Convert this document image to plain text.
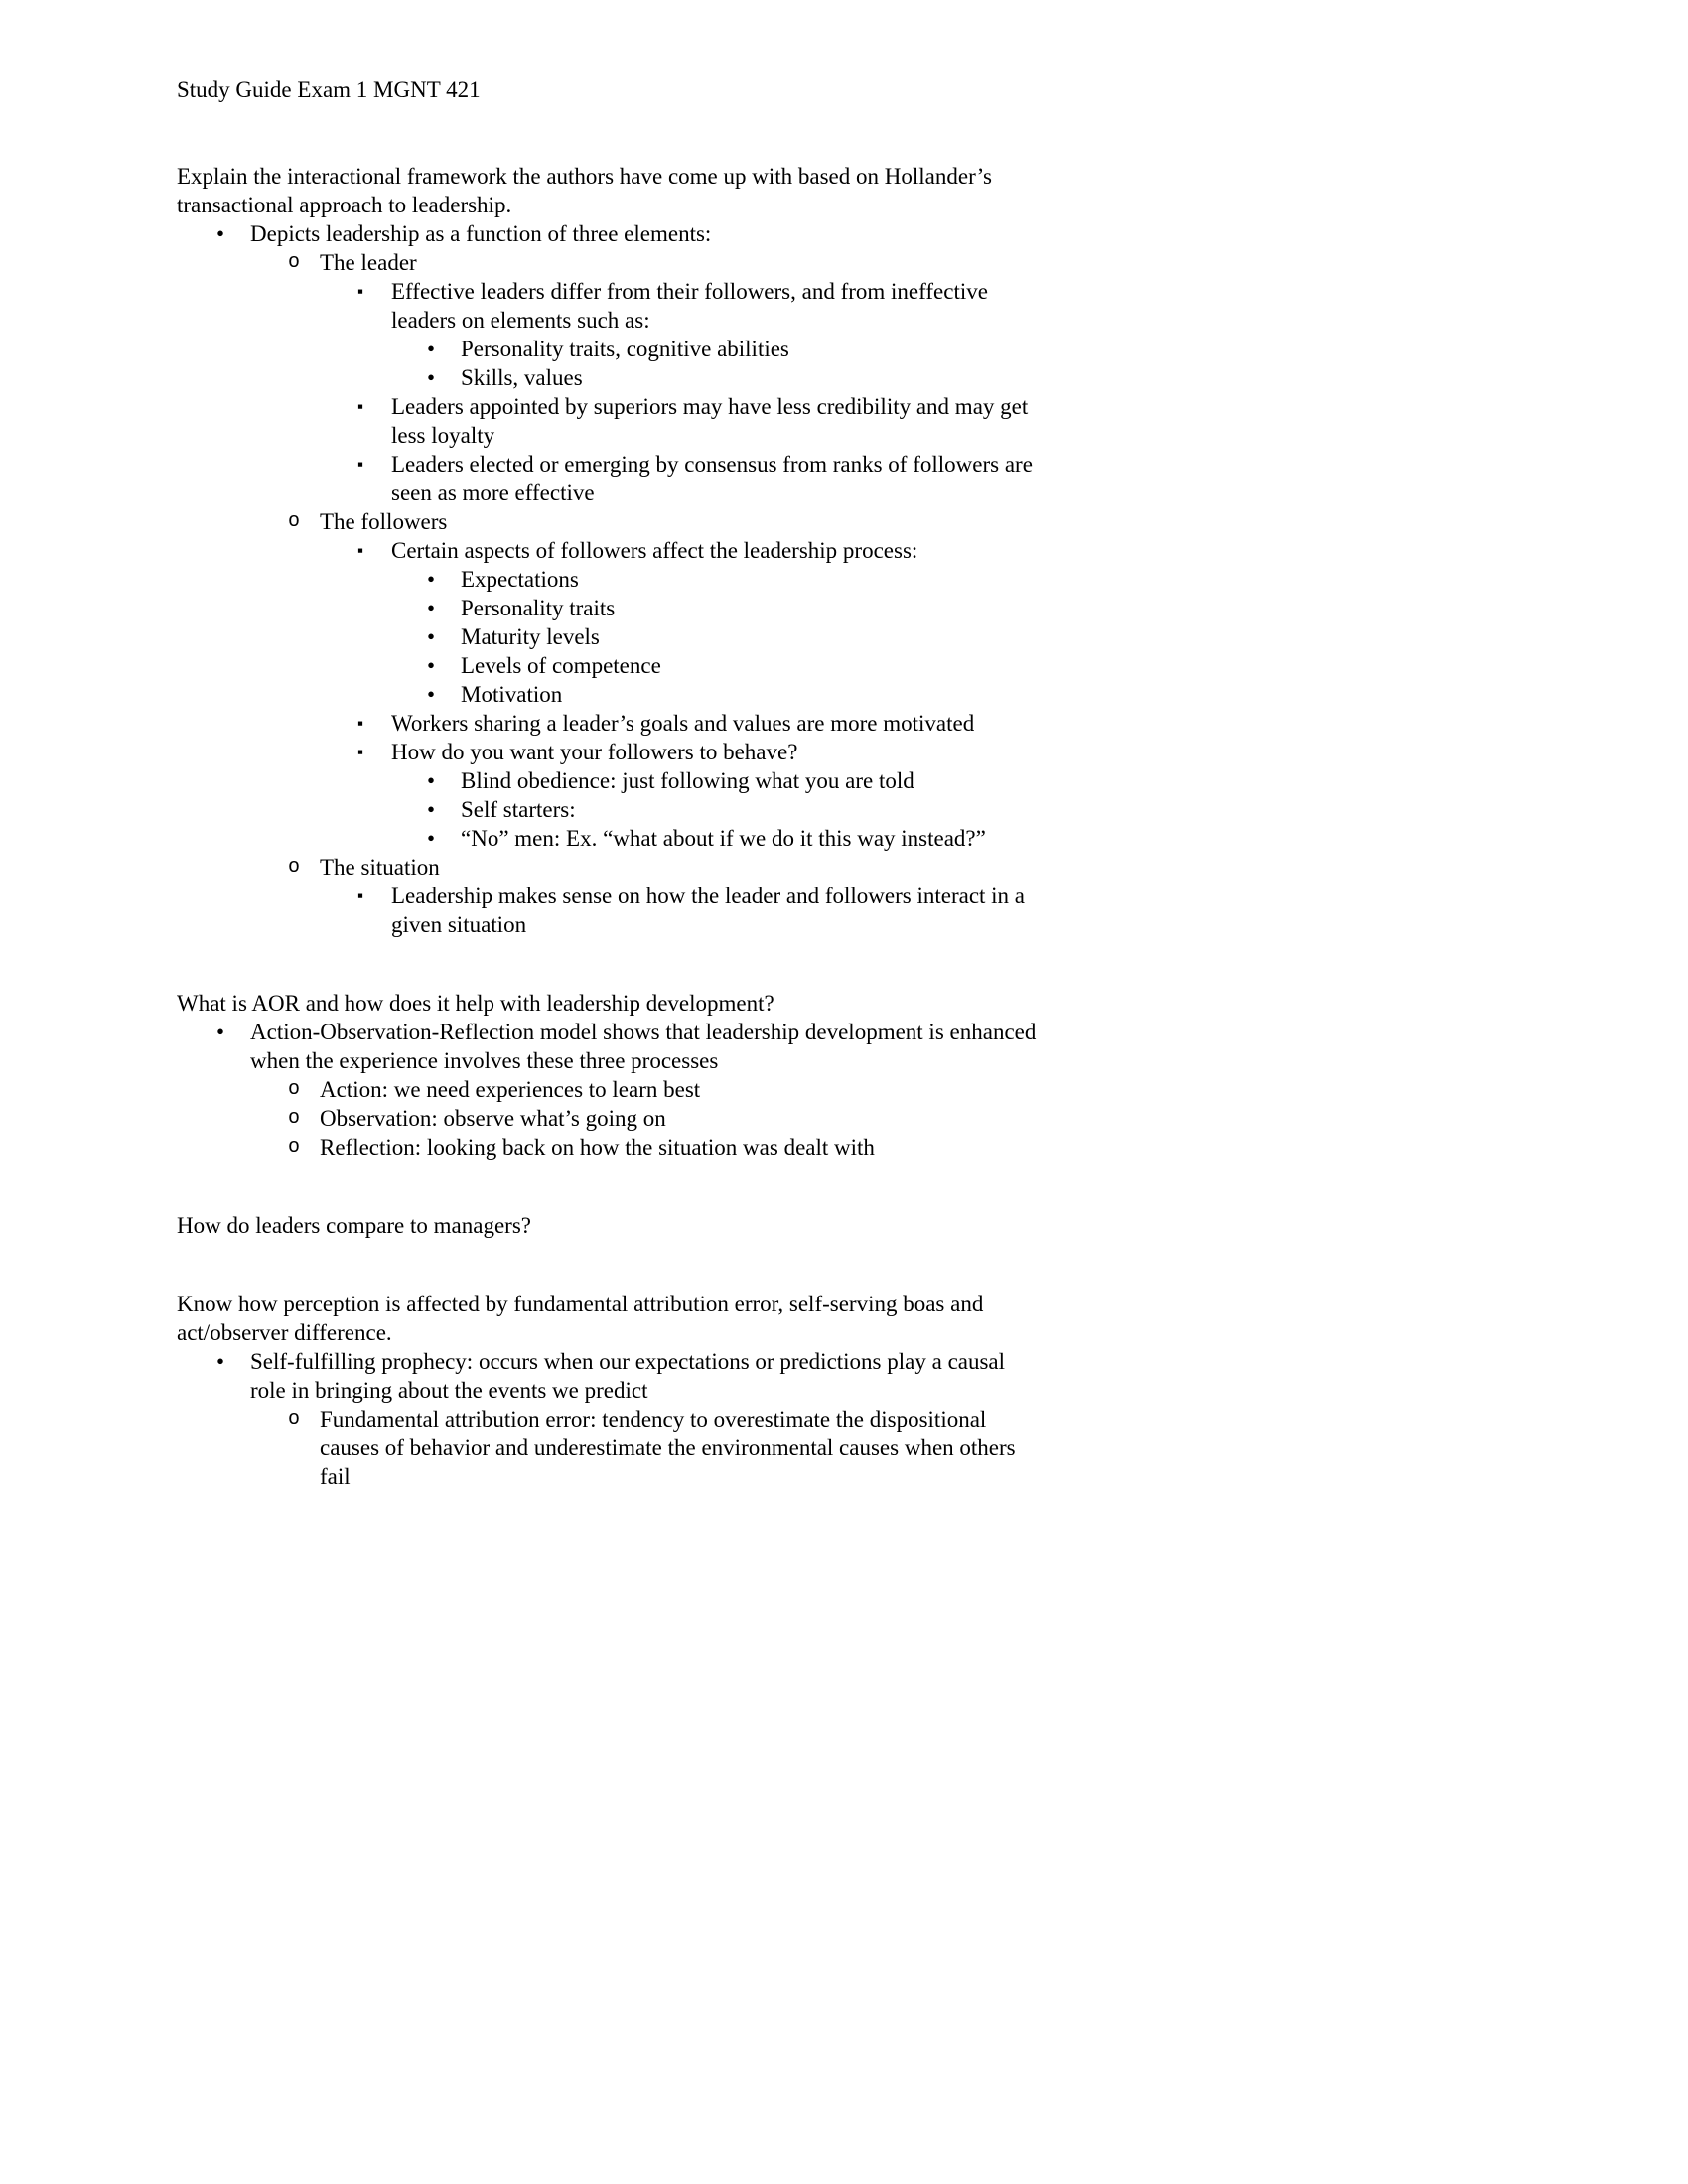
Study Guide Exam 1 MGNT 421
Explain the interactional framework the authors have come up with based on Hollander’s transactional approach to leadership.
•	Depicts leadership as a function of three elements:
o The leader
▪	Effective leaders differ from their followers, and from ineffective leaders on elements such as:
•	Personality traits, cognitive abilities
•	Skills, values
▪	Leaders appointed by superiors may have less credibility and may get less loyalty
▪	Leaders elected or emerging by consensus from ranks of followers are seen as more effective
o The followers
▪	Certain aspects of followers affect the leadership process:
•	Expectations
•	Personality traits
•	Maturity levels
•	Levels of competence
•	Motivation
▪	Workers sharing a leader’s goals and values are more motivated
▪	How do you want your followers to behave?
•	Blind obedience: just following what you are told
•	Self starters:
•	“No” men: Ex. “what about if we do it this way instead?”
o The situation
▪	Leadership makes sense on how the leader and followers interact in a given situation
What is AOR and how does it help with leadership development?
•	Action-Observation-Reflection model shows that leadership development is enhanced when the experience involves these three processes
o Action: we need experiences to learn best
o Observation: observe what’s going on
o Reflection: looking back on how the situation was dealt with
How do leaders compare to managers?
Know how perception is affected by fundamental attribution error, self-serving boas and act/observer difference.
•	Self-fulfilling prophecy: occurs when our expectations or predictions play a causal role in bringing about the events we predict
o Fundamental attribution error: tendency to overestimate the dispositional causes of behavior and underestimate the environmental causes when others fail
